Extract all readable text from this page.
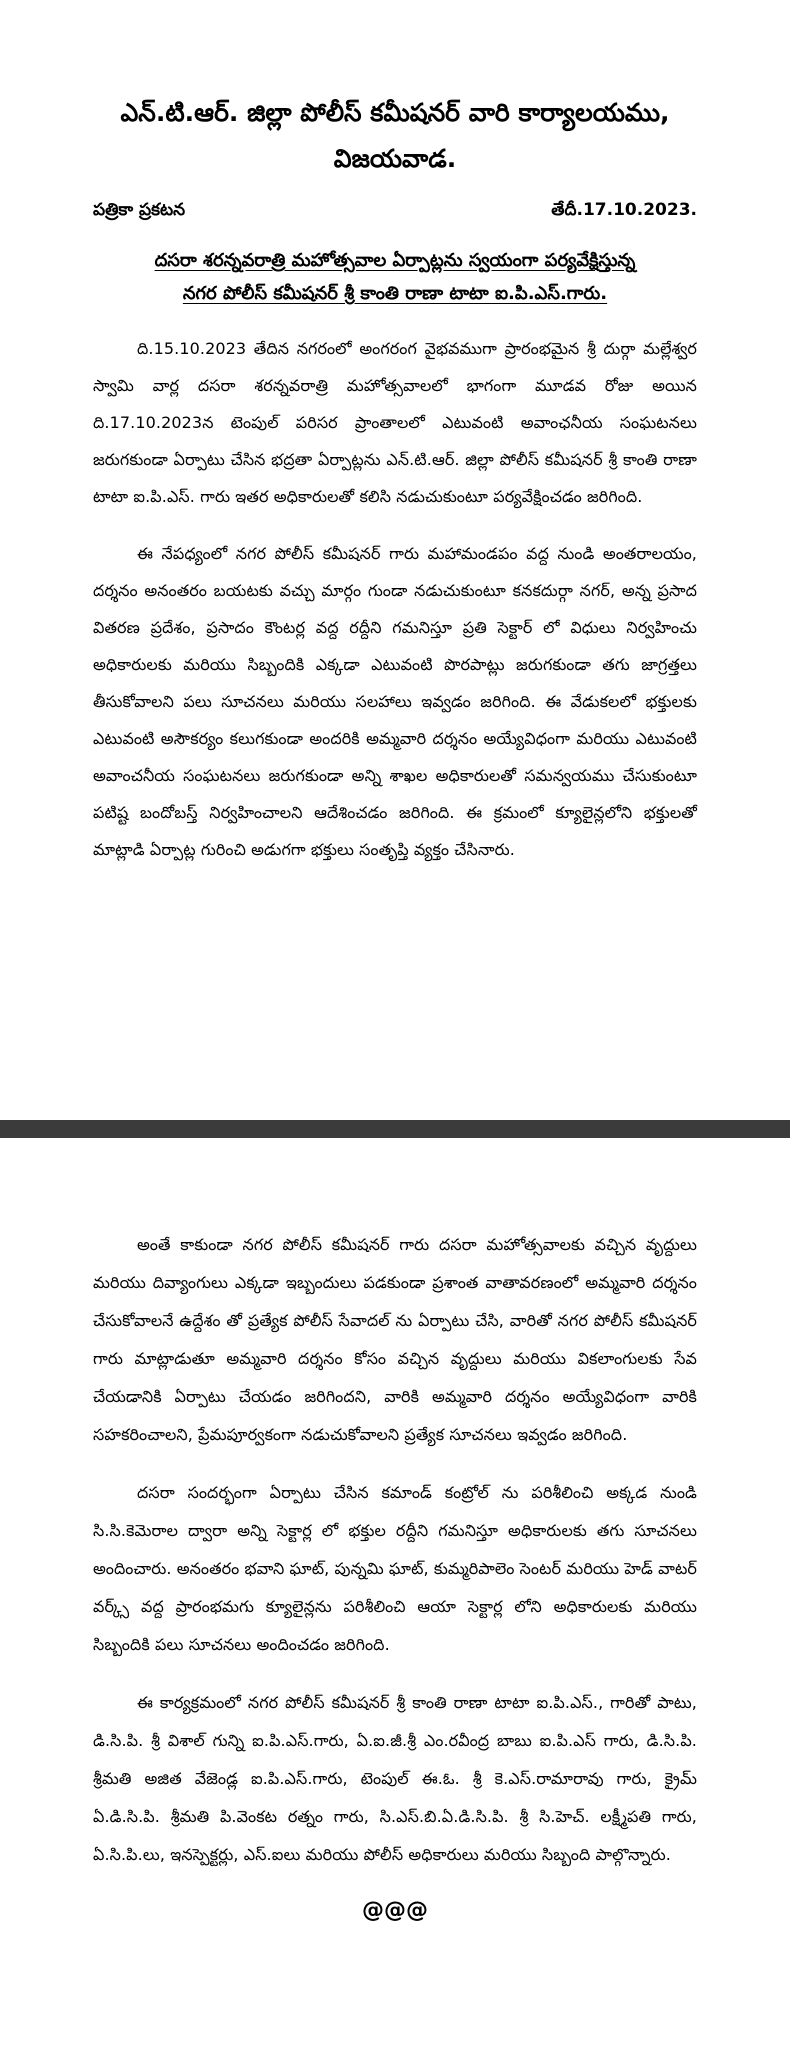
ఎన్.టి.ఆర్. జిల్లా పోలీస్ కమీషనర్ వారి కార్యాలయము,
విజయవాడ.
పత్రికా ప్రకటన	తేదీ.17.10.2023.
దసరా శరన్నవరాత్రి మహోత్సవాల ఏర్పాట్లను స్వయంగా పర్యవేక్షిస్తున్న
నగర పోలీస్ కమీషనర్ శ్రీ కాంతి రాణా టాటా ఐ.పి.ఎస్.గారు.

ది.15.10.2023 తేదిన నగరంలో అంగరంగ వైభవముగా ప్రారంభమైన శ్రీ దుర్గా మల్లేశ్వర స్వామి వార్ల దసరా శరన్నవరాత్రి మహోత్సవాలలో భాగంగా మూడవ రోజు అయిన ది.17.10.2023న టెంపుల్ పరిసర ప్రాంతాలలో ఎటువంటి అవాంఛనీయ సంఘటనలు జరుగకుండా ఏర్పాటు చేసిన భద్రతా ఏర్పాట్లను ఎన్.టి.ఆర్. జిల్లా పోలీస్ కమీషనర్ శ్రీ కాంతి రాణా టాటా ఐ.పి.ఎస్. గారు ఇతర అధికారులతో కలిసి నడుచుకుంటూ పర్యవేక్షించడం జరిగింది.

ఈ నేపధ్యంలో నగర పోలీస్ కమీషనర్ గారు మహామండపం వద్ద నుండి అంతరాలయం, దర్శనం అనంతరం బయటకు వచ్చు మార్గం గుండా నడుచుకుంటూ కనకదుర్గా నగర్, అన్న ప్రసాద వితరణ ప్రదేశం, ప్రసాదం కౌంటర్ల వద్ద రద్దీని గమనిస్తూ ప్రతి సెక్టార్ లో విధులు నిర్వహించు అధికారులకు మరియు సిబ్బందికి ఎక్కడా ఎటువంటి పొరపాట్లు జరుగకుండా తగు జాగ్రత్తలు తీసుకోవాలని పలు సూచనలు మరియు సలహాలు ఇవ్వడం జరిగింది. ఈ వేడుకలలో భక్తులకు ఎటువంటి అసౌకర్యం కలుగకుండా అందరికి అమ్మవారి దర్శనం అయ్యేవిధంగా మరియు ఎటువంటి అవాంచనీయ సంఘటనలు జరుగకుండా అన్ని శాఖల అధికారులతో సమన్వయము చేసుకుంటూ పటిష్ట బందోబస్త్ నిర్వహించాలని ఆదేశించడం జరిగింది. ఈ క్రమంలో క్యూలైన్లలోని భక్తులతో మాట్లాడి ఏర్పాట్ల గురించి అడుగగా భక్తులు సంతృప్తి వ్యక్తం చేసినారు.

అంతే కాకుండా నగర పోలీస్ కమీషనర్ గారు దసరా మహోత్సవాలకు వచ్చిన వృద్దులు మరియు దివ్యాంగులు ఎక్కడా ఇబ్బందులు పడకుండా ప్రశాంత వాతావరణంలో అమ్మవారి దర్శనం చేసుకోవాలనే ఉద్దేశం తో ప్రత్యేక పోలీస్ సేవాదల్ ను ఏర్పాటు చేసి, వారితో నగర పోలీస్ కమీషనర్ గారు మాట్లాడుతూ అమ్మవారి దర్శనం కోసం వచ్చిన వృద్దులు మరియు వికలాంగులకు సేవ చేయడానికి ఏర్పాటు చేయడం జరిగిందని, వారికి అమ్మవారి దర్శనం అయ్యేవిధంగా వారికి సహకరించాలని, ప్రేమపూర్వకంగా నడుచుకోవాలని ప్రత్యేక సూచనలు ఇవ్వడం జరిగింది.

దసరా సందర్భంగా ఏర్పాటు చేసిన కమాండ్ కంట్రోల్ ను పరిశీలించి అక్కడ నుండి సి.సి.కెమెరాల ద్వారా అన్ని సెక్టార్ల లో భక్తుల రద్దీని గమనిస్తూ అధికారులకు తగు సూచనలు అందించారు. అనంతరం భవాని ఘాట్, పున్నమి ఘాట్, కుమ్మరిపాలెం సెంటర్ మరియు హెడ్ వాటర్ వర్క్స్ వద్ద ప్రారంభమగు క్యూలైన్లను పరిశీలించి ఆయా సెక్టార్ల లోని అధికారులకు మరియు సిబ్బందికి పలు సూచనలు అందించడం జరిగింది.

ఈ కార్యక్రమంలో నగర పోలీస్ కమీషనర్ శ్రీ కాంతి రాణా టాటా ఐ.పి.ఎస్., గారితో పాటు, డి.సి.పి. శ్రీ విశాల్ గున్ని ఐ.పి.ఎస్.గారు, ఏ.ఐ.జీ.శ్రీ ఎం.రవీంద్ర బాబు ఐ.పి.ఎస్ గారు, డి.సి.పి. శ్రీమతి అజిత వేజెండ్ల ఐ.పి.ఎస్.గారు, టెంపుల్ ఈ.ఓ. శ్రీ కె.ఎస్.రామారావు గారు, క్రైమ్ ఏ.డి.సి.పి. శ్రీమతి పి.వెంకట రత్నం గారు, సి.ఎస్.బి.ఏ.డి.సి.పి. శ్రీ సి.హెచ్. లక్ష్మీపతి గారు, ఏ.సి.పి.లు, ఇనస్పెక్టర్లు, ఎస్.ఐలు మరియు పోలీస్ అధికారులు మరియు సిబ్బంది పాల్గొన్నారు.

@@@
